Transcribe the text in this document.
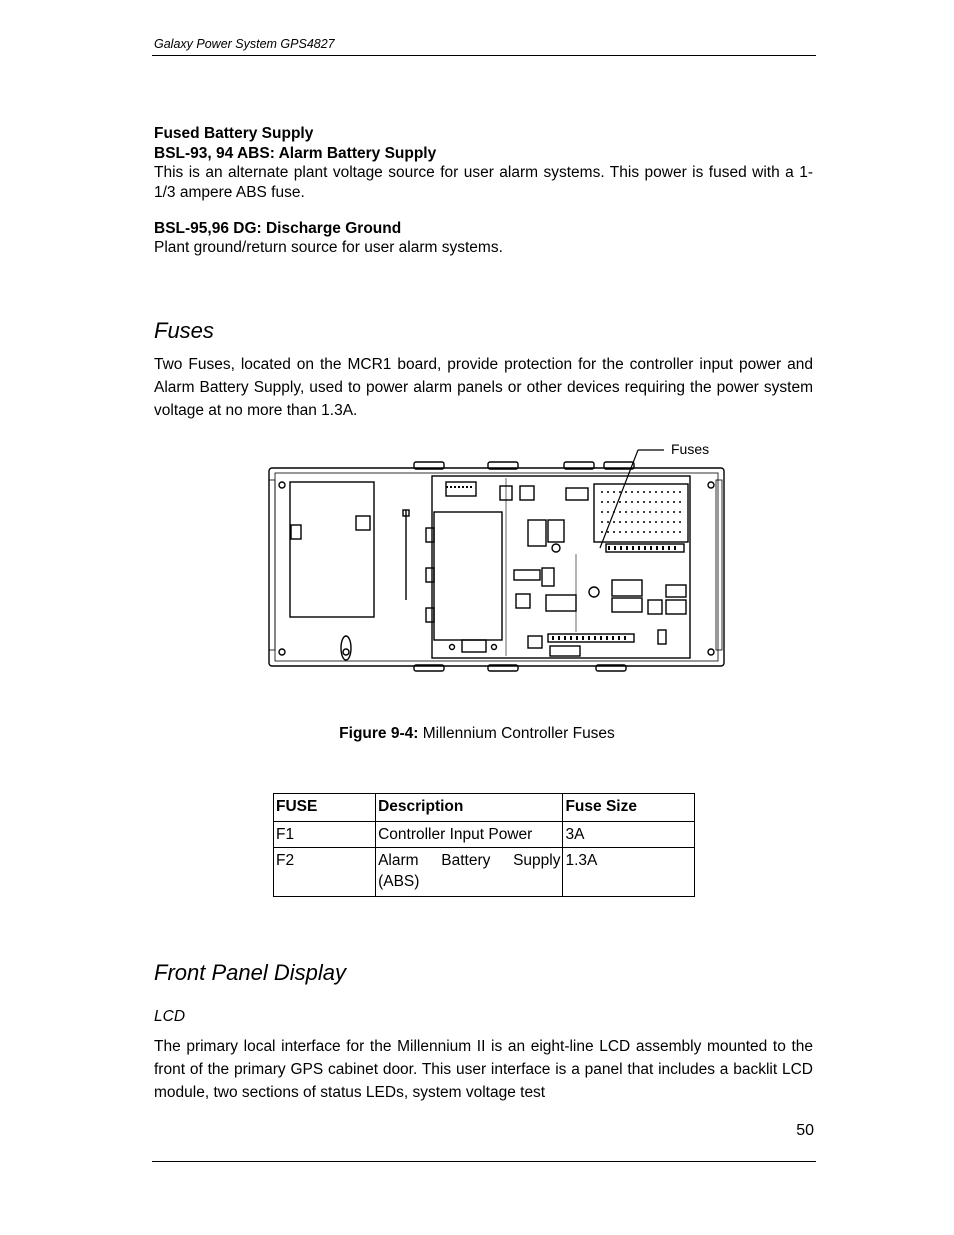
Galaxy Power System GPS4827
Fused Battery Supply
BSL-93, 94 ABS: Alarm Battery Supply
This is an alternate plant voltage source for user alarm systems. This power is fused with a 1-1/3 ampere ABS fuse.
BSL-95,96 DG: Discharge Ground
Plant ground/return source for user alarm systems.
Fuses
Two Fuses, located on the MCR1 board, provide protection for the controller input power and Alarm Battery Supply, used to power alarm panels or other devices requiring the power system voltage at no more than 1.3A.
Fuses
Figure 9-4: Millennium Controller Fuses
FUSE	Description	Fuse Size
F1	Controller Input Power	3A
F2	Alarm Battery Supply (ABS)	1.3A
Front Panel Display
LCD
The primary local interface for the Millennium II is an eight-line LCD assembly mounted to the front of the primary GPS cabinet door. This user interface is a panel that includes a backlit LCD module, two sections of status LEDs, system voltage test
50
